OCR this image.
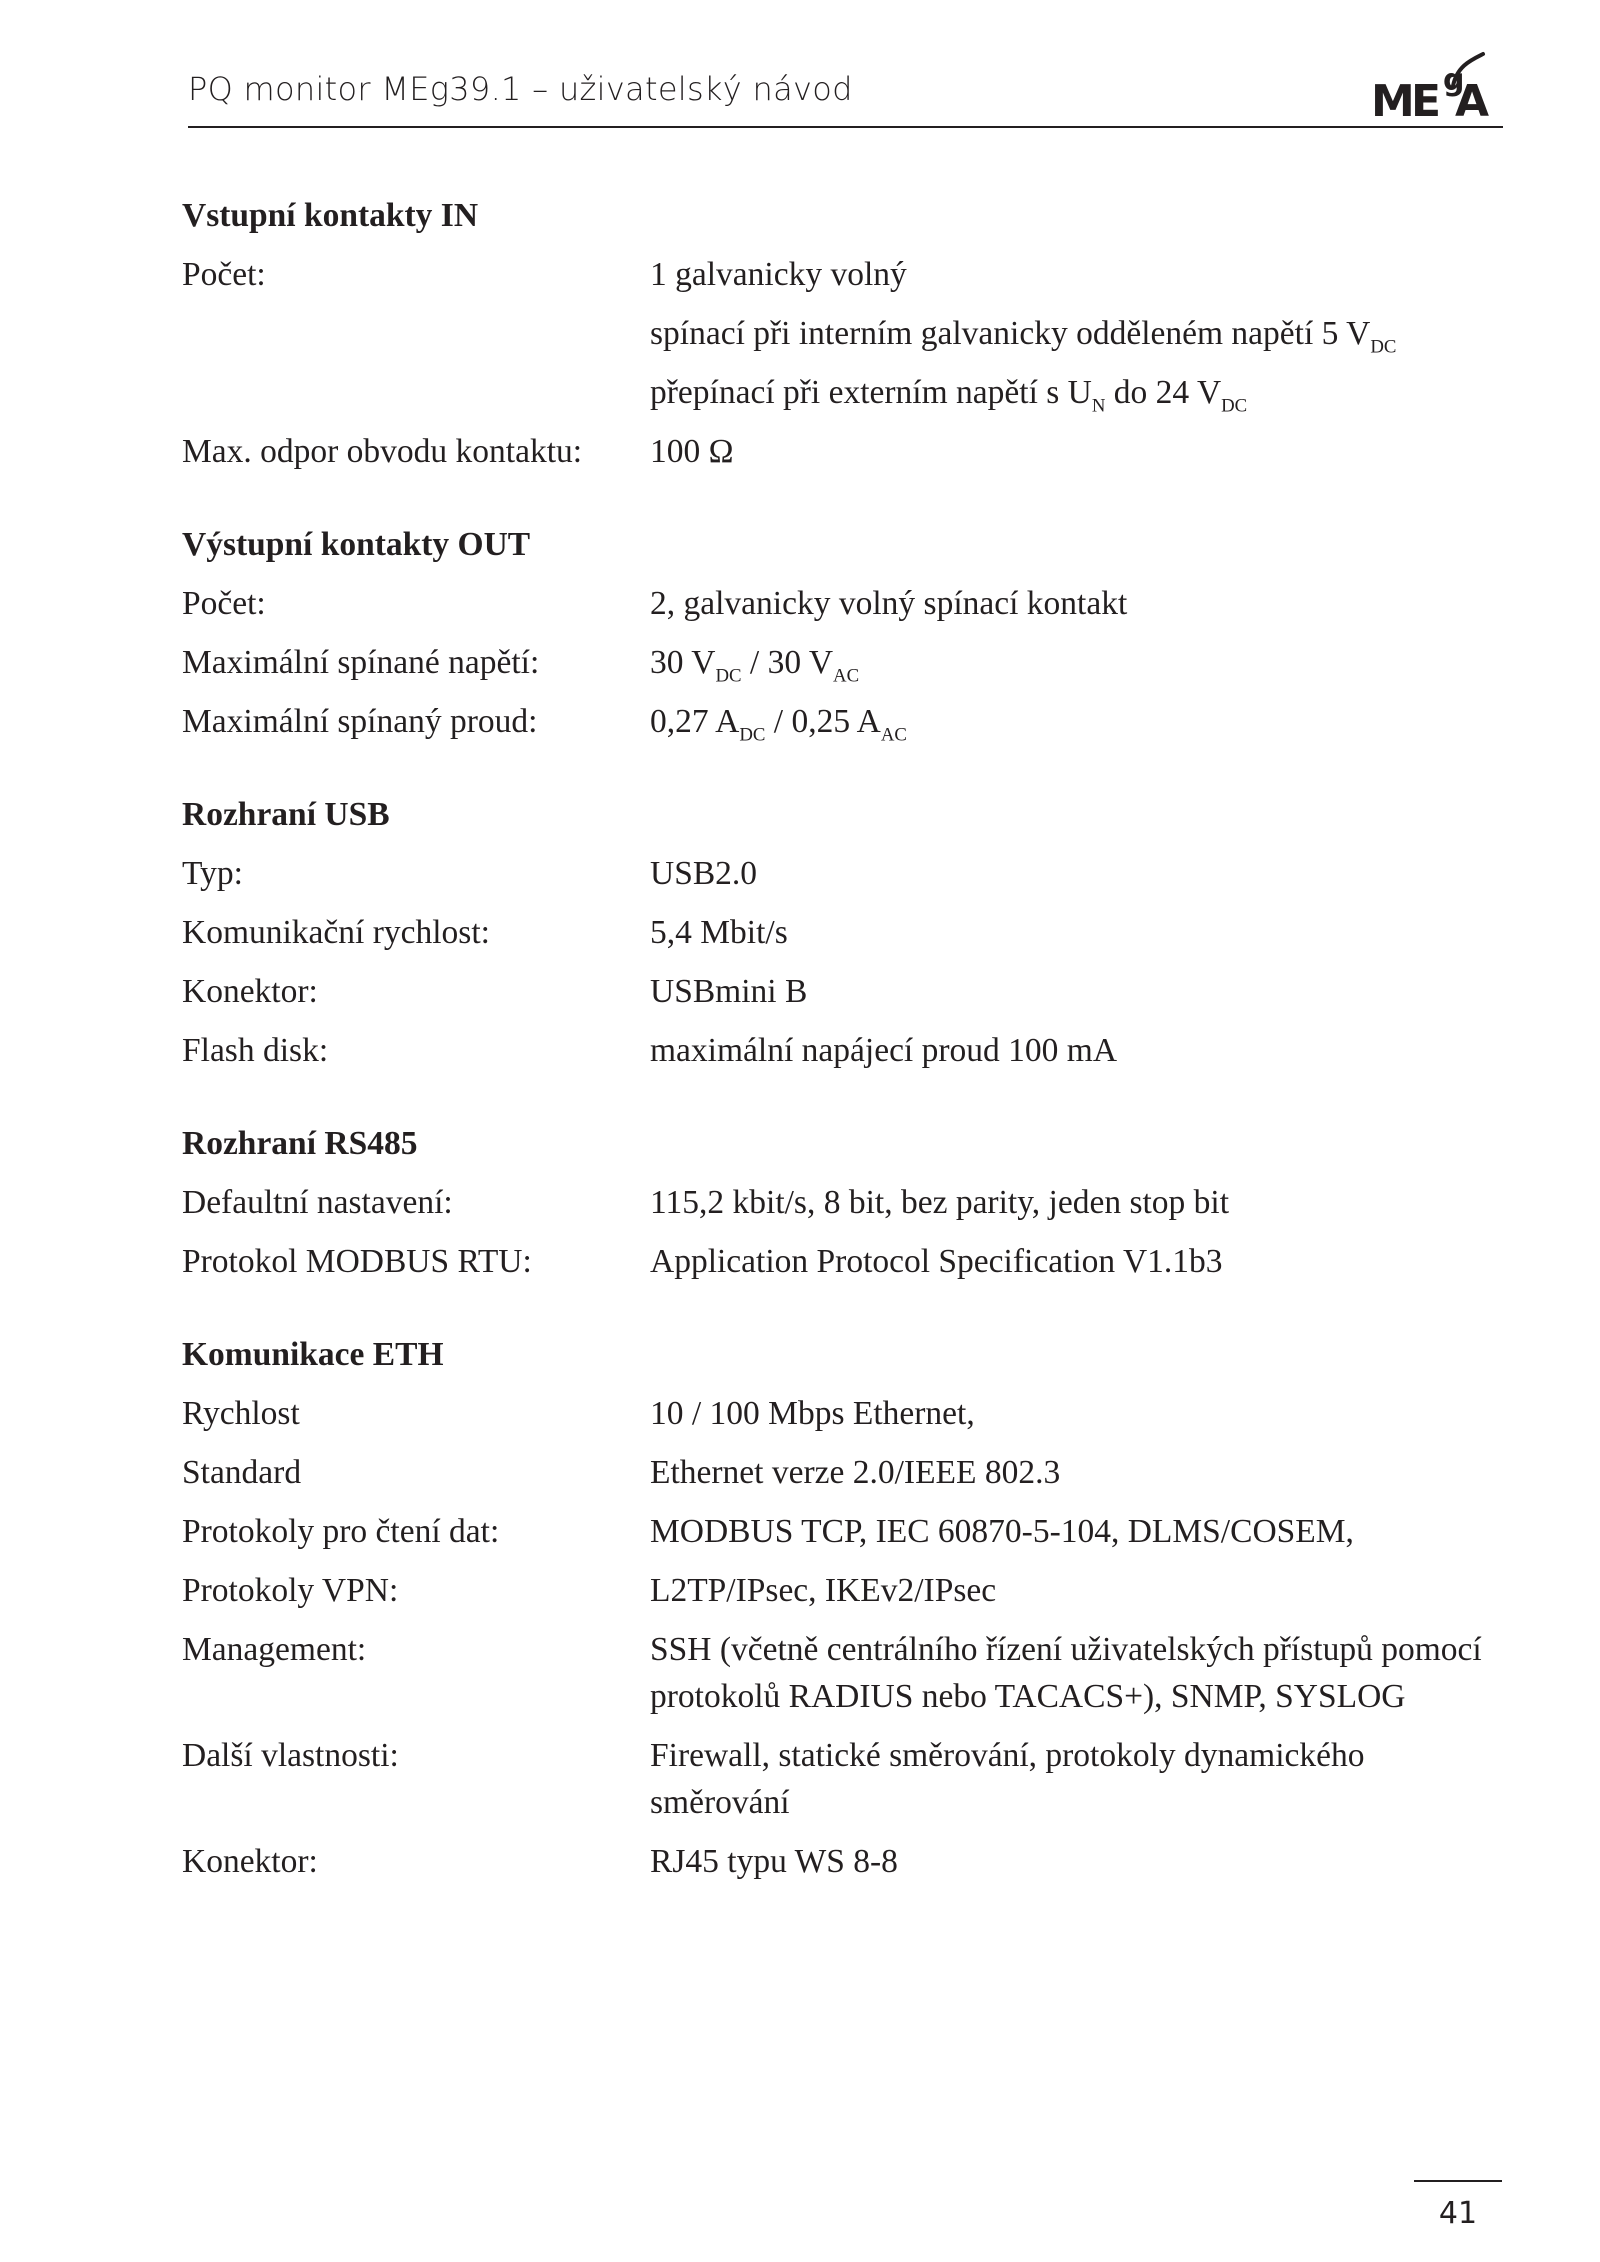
PQ monitor MEg39.1 – uživatelský návod	M
E g
A
Vstupní kontakty IN
Počet:	1 galvanicky volný

spínací při interním galvanicky odděleném napětí 5 $V_{DC}$

přepínací při externím napětí s $U_N$ do 24 $V_{DC}$

Max. odpor obvodu kontaktu:	100 Ω
Výstupní kontakty OUT
Počet:	2, galvanicky volný spínací kontakt
Maximální spínané napětí:	30 $V_{DC} / 30$ $V_{AC}$
Maximální spínaný proud:	0,27 $A_{DC} / 0,25$ $A_{AC}$
Rozhraní USB
Typ:	USB2.0
Komunikační rychlost:	5,4 Mbit/s
Konektor:	USBmini B
Flash disk:	maximální napájecí proud 100 mA
Rozhraní RS485
Defaultní nastavení:	115,2 kbit/s, 8 bit, bez parity, jeden stop bit
Protokol MODBUS RTU:	Application Protocol Specification V1.1b3
Komunikace ETH
Rychlost	10 / 100 Mbps Ethernet,
Standard	Ethernet verze 2.0/IEEE 802.3
Protokoly pro čtení dat:	MODBUS TCP, IEC 60870-5-104, DLMS/COSEM,
Protokoly VPN:	L2TP/IPsec, IKEv2/IPsec
Management:	SSH (včetně centrálního řízení uživatelských přístupů pomocí protokolů RADIUS nebo TACACS+), SNMP, SYSLOG
Další vlastnosti:	Firewall, statické směrování, protokoly dynamického směrování
Konektor:	RJ45 typu WS 8-8
41
